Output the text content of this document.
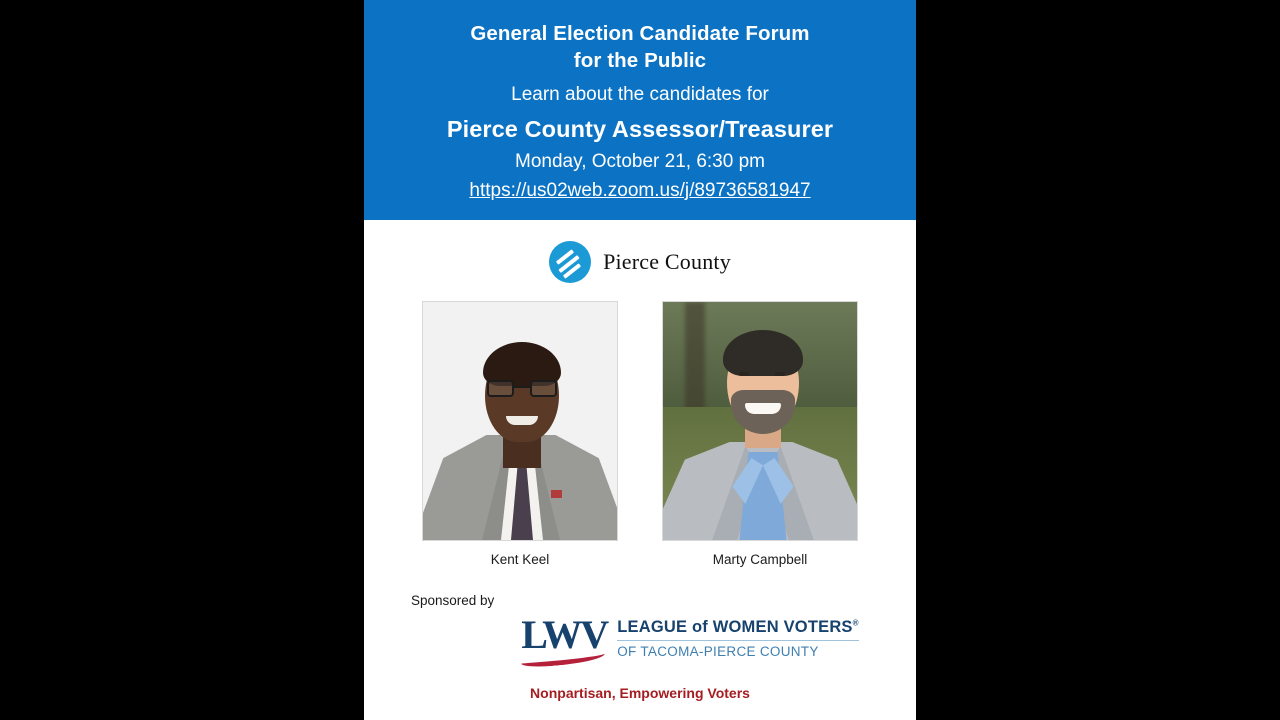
General Election Candidate Forum
for the Public
Learn about the candidates for
Pierce County Assessor/Treasurer
Monday, October 21, 6:30 pm
https://us02web.zoom.us/j/89736581947
Pierce County
Kent Keel	Marty Campbell
Sponsored by
LWV LEAGUE of WOMEN VOTERS®
OF TACOMA-PIERCE COUNTY
Nonpartisan, Empowering Voters
